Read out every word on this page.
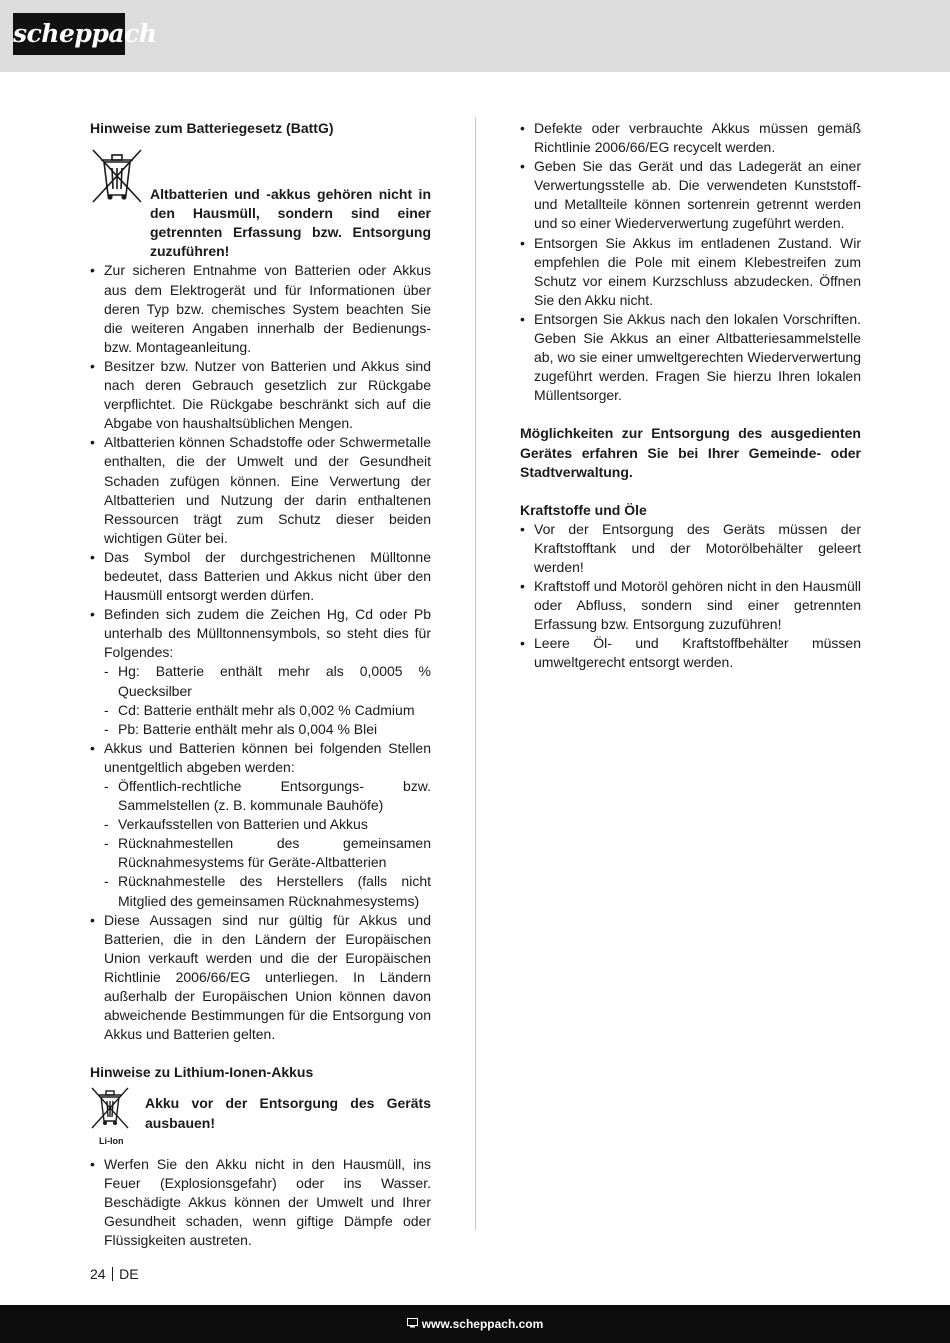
scheppach
Hinweise zum Batteriegesetz (BattG)
Altbatterien und -akkus gehören nicht in den Hausmüll, sondern sind einer getrennten Erfassung bzw. Entsorgung zuzuführen!
• Zur sicheren Entnahme von Batterien oder Akkus aus dem Elektrogerät und für Informationen über deren Typ bzw. chemisches System beachten Sie die weiteren Angaben innerhalb der Bedienungs- bzw. Montageanleitung.
• Besitzer bzw. Nutzer von Batterien und Akkus sind nach deren Gebrauch gesetzlich zur Rückgabe verpflichtet. Die Rückgabe beschränkt sich auf die Abgabe von haushaltsüblichen Mengen.
• Altbatterien können Schadstoffe oder Schwermetalle enthalten, die der Umwelt und der Gesundheit Schaden zufügen können. Eine Verwertung der Altbatterien und Nutzung der darin enthaltenen Ressourcen trägt zum Schutz dieser beiden wichtigen Güter bei.
• Das Symbol der durchgestrichenen Mülltonne bedeutet, dass Batterien und Akkus nicht über den Hausmüll entsorgt werden dürfen.
• Befinden sich zudem die Zeichen Hg, Cd oder Pb unterhalb des Mülltonnensymbols, so steht dies für Folgendes:
- Hg: Batterie enthält mehr als 0,0005 % Quecksilber
- Cd: Batterie enthält mehr als 0,002 % Cadmium
- Pb: Batterie enthält mehr als 0,004 % Blei
• Akkus und Batterien können bei folgenden Stellen unentgeltlich abgeben werden:
- Öffentlich-rechtliche Entsorgungs- bzw. Sammelstellen (z. B. kommunale Bauhöfe)
- Verkaufsstellen von Batterien und Akkus
- Rücknahmestellen des gemeinsamen Rücknahmesystems für Geräte-Altbatterien
- Rücknahmestelle des Herstellers (falls nicht Mitglied des gemeinsamen Rücknahmesystems)
• Diese Aussagen sind nur gültig für Akkus und Batterien, die in den Ländern der Europäischen Union verkauft werden und die der Europäischen Richtlinie 2006/66/EG unterliegen. In Ländern außerhalb der Europäischen Union können davon abweichende Bestimmungen für die Entsorgung von Akkus und Batterien gelten.
Hinweise zu Lithium-Ionen-Akkus
Li-Ion
Akku vor der Entsorgung des Geräts ausbauen!
• Werfen Sie den Akku nicht in den Hausmüll, ins Feuer (Explosionsgefahr) oder ins Wasser. Beschädigte Akkus können der Umwelt und Ihrer Gesundheit schaden, wenn giftige Dämpfe oder Flüssigkeiten austreten.
• Defekte oder verbrauchte Akkus müssen gemäß Richtlinie 2006/66/EG recycelt werden.
• Geben Sie das Gerät und das Ladegerät an einer Verwertungsstelle ab. Die verwendeten Kunststoff- und Metallteile können sortenrein getrennt werden und so einer Wiederverwertung zugeführt werden.
• Entsorgen Sie Akkus im entladenen Zustand. Wir empfehlen die Pole mit einem Klebestreifen zum Schutz vor einem Kurzschluss abzudecken. Öffnen Sie den Akku nicht.
• Entsorgen Sie Akkus nach den lokalen Vorschriften. Geben Sie Akkus an einer Altbatteriesammelstelle ab, wo sie einer umweltgerechten Wiederverwertung zugeführt werden. Fragen Sie hierzu Ihren lokalen Müllentsorger.

Möglichkeiten zur Entsorgung des ausgedienten Gerätes erfahren Sie bei Ihrer Gemeinde- oder Stadtverwaltung.

Kraftstoffe und Öle
• Vor der Entsorgung des Geräts müssen der Kraftstofftank und der Motorölbehälter geleert werden!
• Kraftstoff und Motoröl gehören nicht in den Hausmüll oder Abfluss, sondern sind einer getrennten Erfassung bzw. Entsorgung zuzuführen!
• Leere Öl- und Kraftstoffbehälter müssen umweltgerecht entsorgt werden.
24 DE
www.scheppach.com
